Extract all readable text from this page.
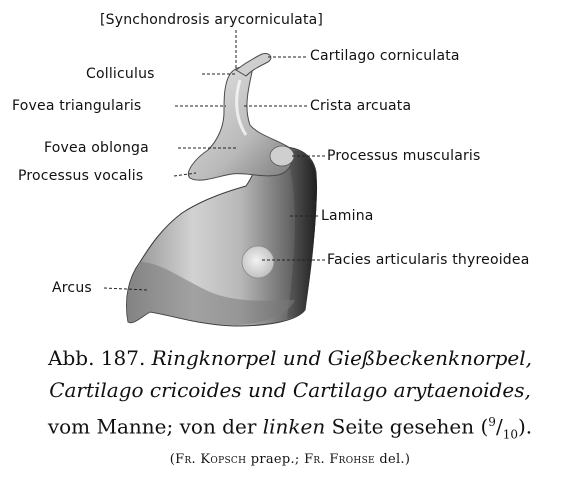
[Synchondrosis arycorniculata]
Cartilago corniculata
Colliculus
Fovea triangularis	Crista arcuata
Fovea oblonga	Processus muscularis
Processus vocalis
Lamina
Facies articularis thyreoidea
Arcus
Abb. 187. Ringknorpel und Gießbeckenknorpel,
Cartilago cricoides und Cartilago arytaenoides,
vom Manne; von der linken Seite gesehen $(^9/_{10})$.
(Fr. Kopsch praep.; Fr. Frohse del.)
